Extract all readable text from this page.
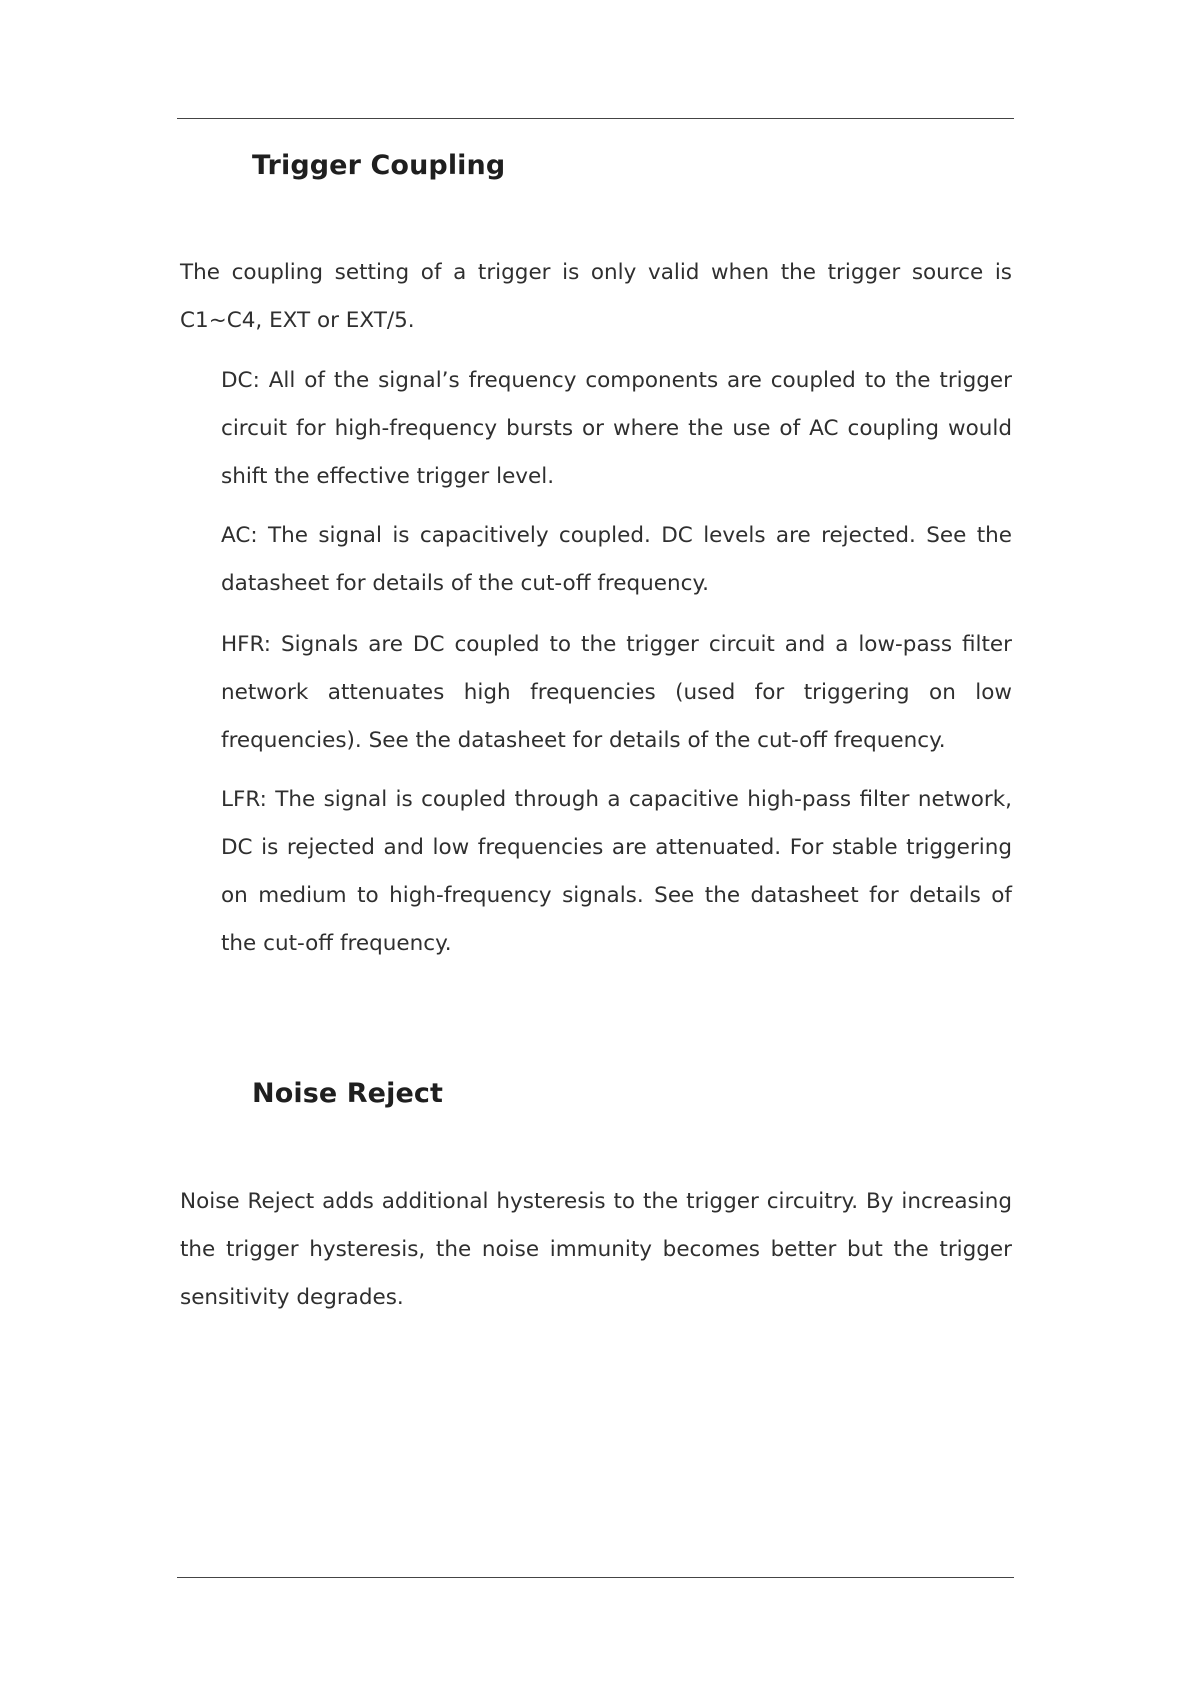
Trigger Coupling

The coupling setting of a trigger is only valid when the trigger source is C1~C4, EXT or EXT/5.

DC: All of the signal’s frequency components are coupled to the trigger circuit for high-frequency bursts or where the use of AC coupling would shift the effective trigger level.

AC: The signal is capacitively coupled. DC levels are rejected. See the datasheet for details of the cut-off frequency.

HFR: Signals are DC coupled to the trigger circuit and a low-pass filter network attenuates high frequencies (used for triggering on low frequencies). See the datasheet for details of the cut-off frequency.

LFR: The signal is coupled through a capacitive high-pass filter network, DC is rejected and low frequencies are attenuated. For stable triggering on medium to high-frequency signals. See the datasheet for details of the cut-off frequency.

Noise Reject

Noise Reject adds additional hysteresis to the trigger circuitry. By increasing the trigger hysteresis, the noise immunity becomes better but the trigger sensitivity degrades.
